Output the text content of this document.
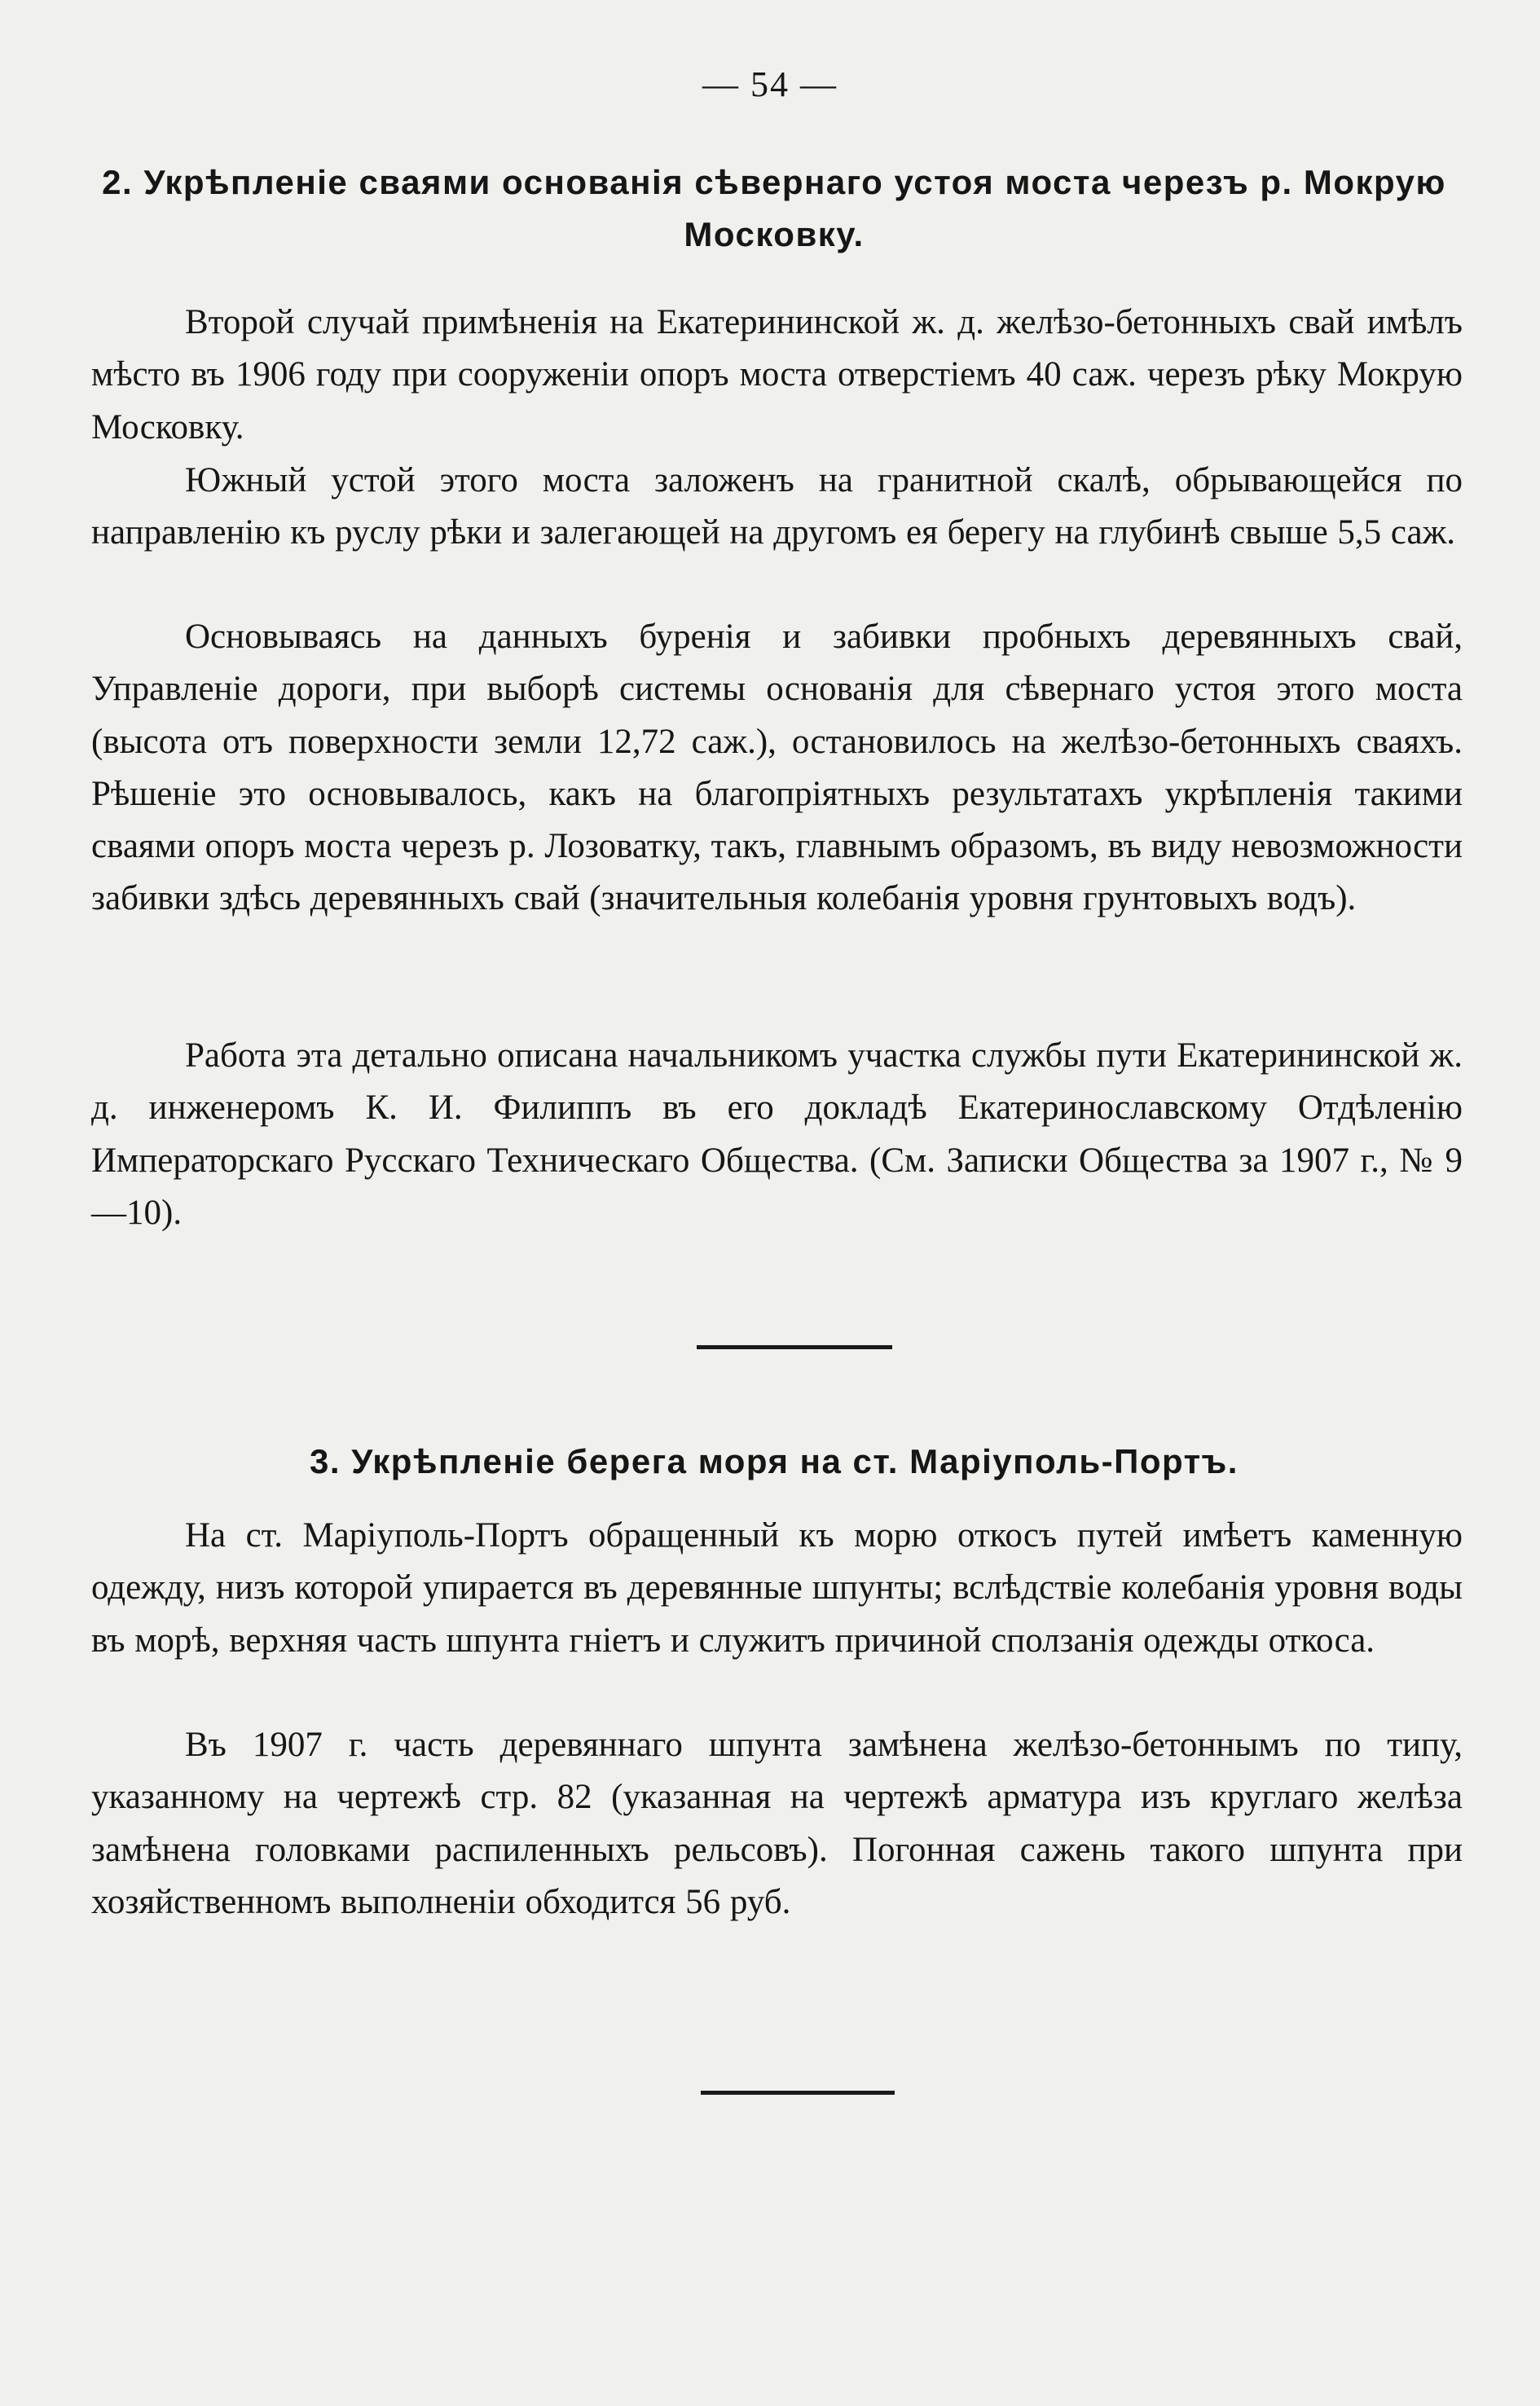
— 54 —
2. Укрѣпленіе сваями основанія сѣвернаго устоя моста черезъ р. Мокрую Московку.

Второй случай примѣненія на Екатерининской ж. д. желѣзо-бетонныхъ свай имѣлъ мѣсто въ 1906 году при сооруженіи опоръ моста отверстіемъ 40 саж. черезъ рѣку Мокрую Московку.

Южный устой этого моста заложенъ на гранитной скалѣ, обрывающейся по направленію къ руслу рѣки и залегающей на другомъ ея берегу на глубинѣ свыше 5,5 саж.

Основываясь на данныхъ буренія и забивки пробныхъ деревянныхъ свай, Управленіе дороги, при выборѣ системы основанія для сѣвернаго устоя этого моста (высота отъ поверхности земли 12,72 саж.), остановилось на желѣзо-бетонныхъ сваяхъ. Рѣшеніе это основывалось, какъ на благопріятныхъ результатахъ укрѣпленія такими сваями опоръ моста черезъ р. Лозоватку, такъ, главнымъ образомъ, въ виду невозможности забивки здѣсь деревянныхъ свай (значительныя колебанія уровня грунтовыхъ водъ).

Работа эта детально описана начальникомъ участка службы пути Екатерининской ж. д. инженеромъ К. И. Филиппъ въ его докладѣ Екатеринославскому Отдѣленію Императорскаго Русскаго Техническаго Общества. (См. Записки Общества за 1907 г., № 9—10).

3. Укрѣпленіе берега моря на ст. Маріуполь-Портъ.

На ст. Маріуполь-Портъ обращенный къ морю откосъ путей имѣетъ каменную одежду, низъ которой упирается въ деревянные шпунты; вслѣдствіе колебанія уровня воды въ морѣ, верхняя часть шпунта гніетъ и служитъ причиной сползанія одежды откоса.

Въ 1907 г. часть деревяннаго шпунта замѣнена желѣзо-бетоннымъ по типу, указанному на чертежѣ стр. 82 (указанная на чертежѣ арматура изъ круглаго желѣза замѣнена головками распиленныхъ рельсовъ). Погонная сажень такого шпунта при хозяйственномъ выполненіи обходится 56 руб.
